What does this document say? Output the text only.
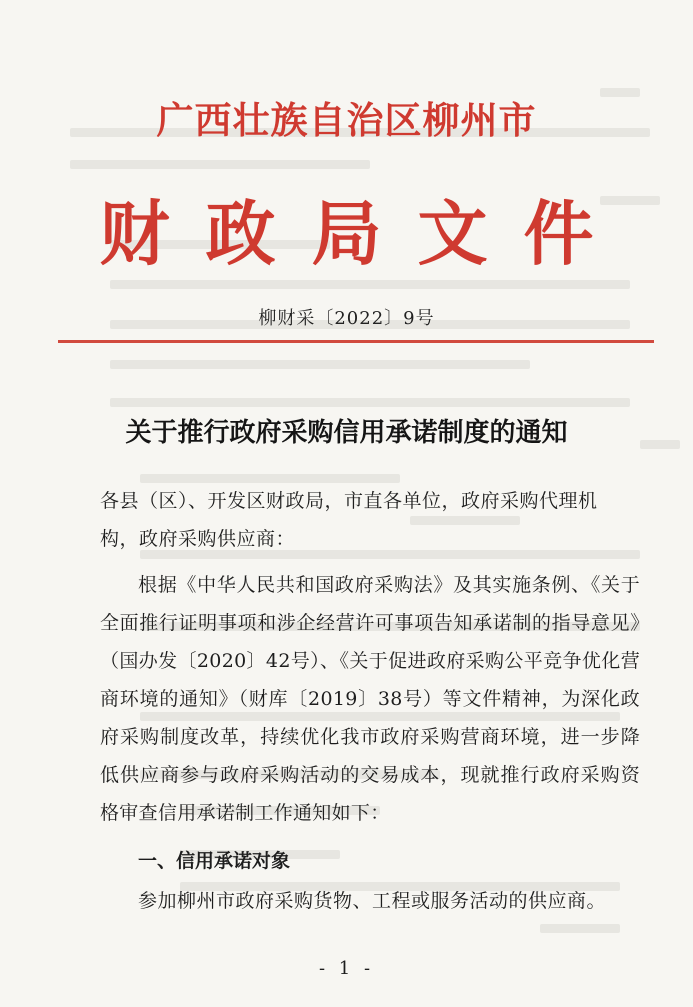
广西壮族自治区柳州市
财政局文件
柳财采〔2022〕9号
关于推行政府采购信用承诺制度的通知
各县（区）、开发区财政局，市直各单位，政府采购代理机构，政府采购供应商：
根据《中华人民共和国政府采购法》及其实施条例、《关于全面推行证明事项和涉企经营许可事项告知承诺制的指导意见》（国办发〔2020〕42号）、《关于促进政府采购公平竞争优化营商环境的通知》（财库〔2019〕38号）等文件精神，为深化政府采购制度改革，持续优化我市政府采购营商环境，进一步降低供应商参与政府采购活动的交易成本，现就推行政府采购资格审查信用承诺制工作通知如下：
一、信用承诺对象
参加柳州市政府采购货物、工程或服务活动的供应商。
- 1 -
